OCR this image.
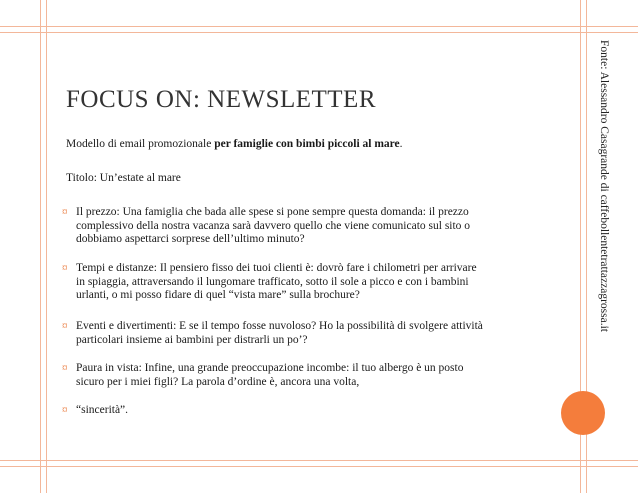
Fonte: Alessandro Casagrande di caffebollentetrattazzagrossa.it
FOCUS ON: NEWSLETTER

Modello di email promozionale per famiglie con bimbi piccoli al mare.

Titolo: Un’estate al mare

¤ Il prezzo: Una famiglia che bada alle spese si pone sempre questa domanda: il prezzo
complessivo della nostra vacanza sarà davvero quello che viene comunicato sul sito o
dobbiamo aspettarci sorprese dell’ultimo minuto?
¤ Tempi e distanze: Il pensiero fisso dei tuoi clienti è: dovrò fare i chilometri per arrivare
in spiaggia, attraversando il lungomare trafficato, sotto il sole a picco e con i bambini
urlanti, o mi posso fidare di quel “vista mare” sulla brochure?
¤ Eventi e divertimenti: E se il tempo fosse nuvoloso? Ho la possibilità di svolgere attività
particolari insieme ai bambini per distrarli un po’?
¤ Paura in vista: Infine, una grande preoccupazione incombe: il tuo albergo è un posto
sicuro per i miei figli? La parola d’ordine è, ancora una volta,
¤ “sincerità”.
